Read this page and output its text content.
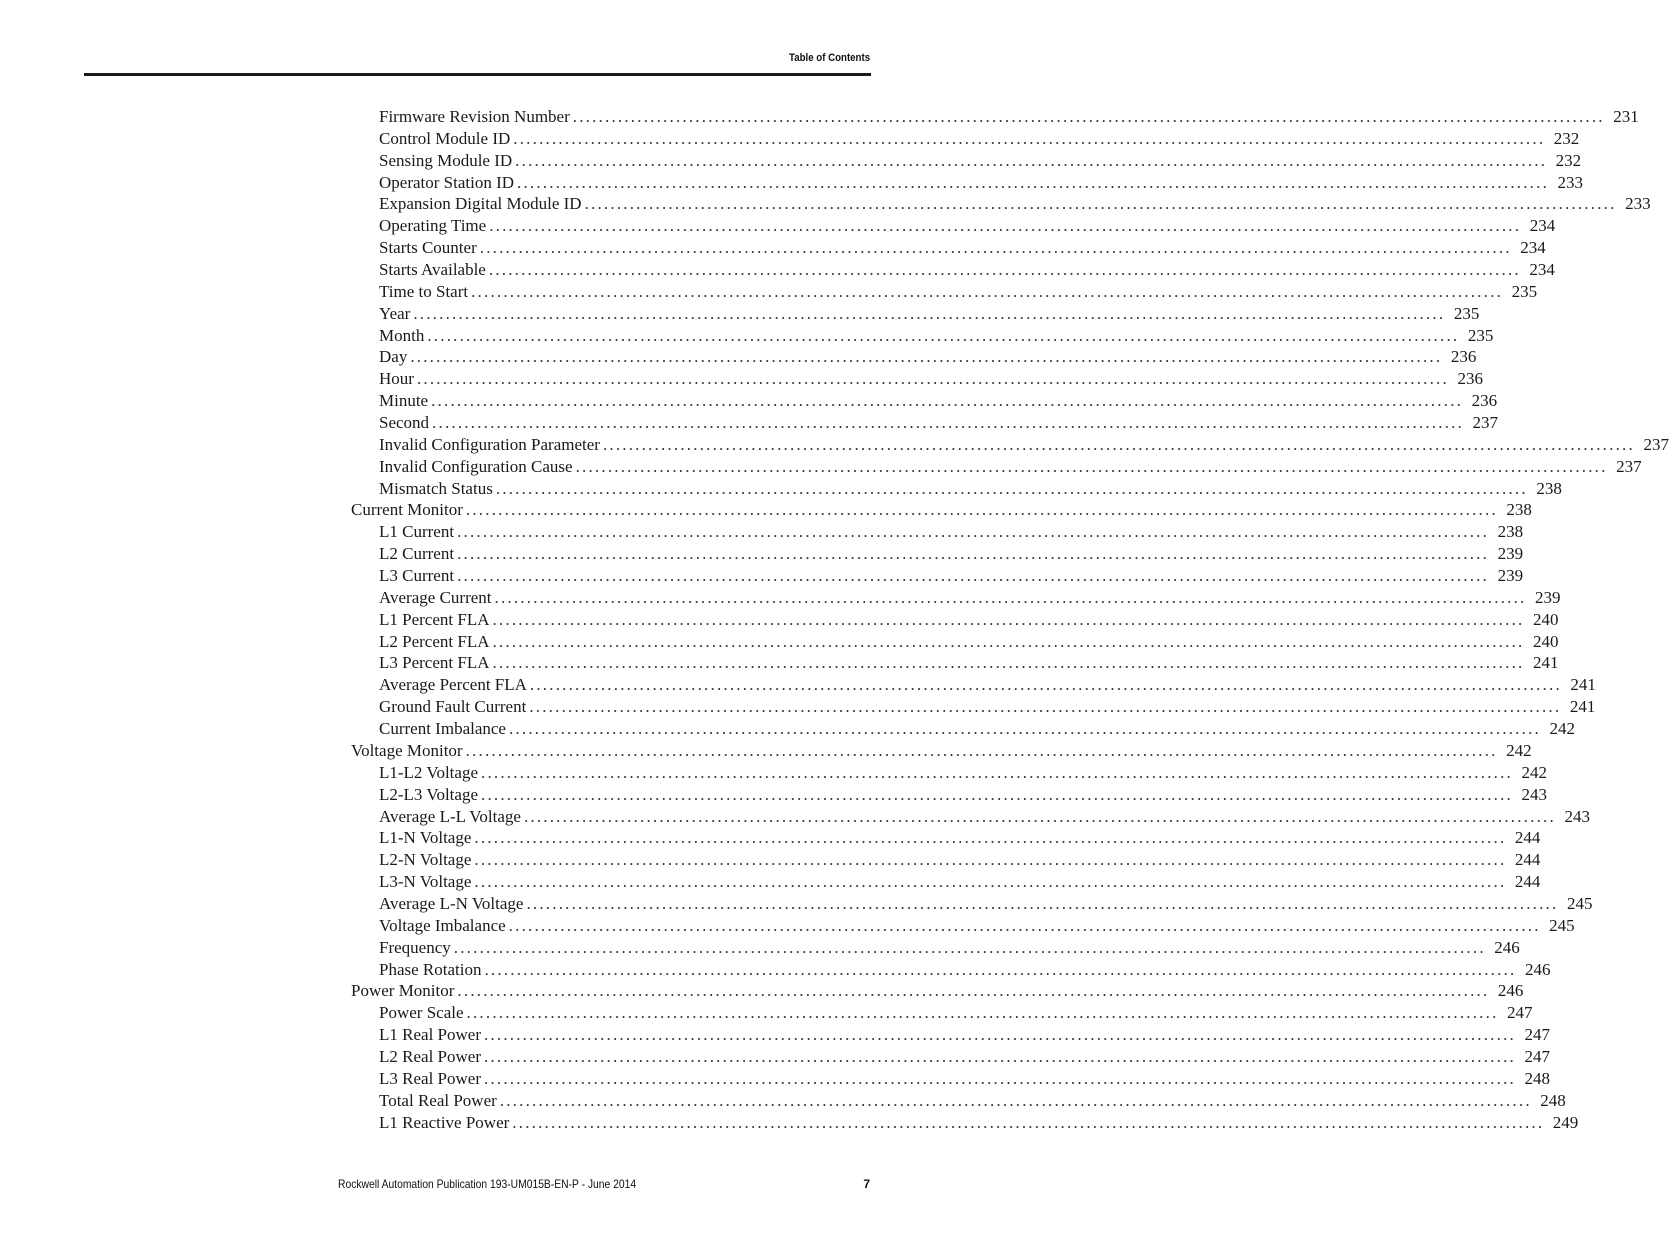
Table of Contents
Firmware Revision Number ................................................................................................................................................................ 231
Control Module ID ................................................................................................................................................................ 232
Sensing Module ID ................................................................................................................................................................ 232
Operator Station ID ................................................................................................................................................................ 233
Expansion Digital Module ID ................................................................................................................................................................ 233
Operating Time ................................................................................................................................................................ 234
Starts Counter ................................................................................................................................................................ 234
Starts Available ................................................................................................................................................................ 234
Time to Start ................................................................................................................................................................ 235
Year ................................................................................................................................................................ 235
Month ................................................................................................................................................................ 235
Day ................................................................................................................................................................ 236
Hour ................................................................................................................................................................ 236
Minute ................................................................................................................................................................ 236
Second ................................................................................................................................................................ 237
Invalid Configuration Parameter ................................................................................................................................................................ 237
Invalid Configuration Cause ................................................................................................................................................................ 237
Mismatch Status ................................................................................................................................................................ 238
Current Monitor ................................................................................................................................................................ 238
L1 Current ................................................................................................................................................................ 238
L2 Current ................................................................................................................................................................ 239
L3 Current ................................................................................................................................................................ 239
Average Current ................................................................................................................................................................ 239
L1 Percent FLA ................................................................................................................................................................ 240
L2 Percent FLA ................................................................................................................................................................ 240
L3 Percent FLA ................................................................................................................................................................ 241
Average Percent FLA ................................................................................................................................................................ 241
Ground Fault Current ................................................................................................................................................................ 241
Current Imbalance ................................................................................................................................................................ 242
Voltage Monitor ................................................................................................................................................................ 242
L1-L2 Voltage ................................................................................................................................................................ 242
L2-L3 Voltage ................................................................................................................................................................ 243
Average L-L Voltage ................................................................................................................................................................ 243
L1-N Voltage ................................................................................................................................................................ 244
L2-N Voltage ................................................................................................................................................................ 244
L3-N Voltage ................................................................................................................................................................ 244
Average L-N Voltage ................................................................................................................................................................ 245
Voltage Imbalance ................................................................................................................................................................ 245
Frequency ................................................................................................................................................................ 246
Phase Rotation ................................................................................................................................................................ 246
Power Monitor ................................................................................................................................................................ 246
Power Scale ................................................................................................................................................................ 247
L1 Real Power ................................................................................................................................................................ 247
L2 Real Power ................................................................................................................................................................ 247
L3 Real Power ................................................................................................................................................................ 248
Total Real Power ................................................................................................................................................................ 248
L1 Reactive Power ................................................................................................................................................................ 249
Rockwell Automation Publication 193-UM015B-EN-P - June 2014	7
